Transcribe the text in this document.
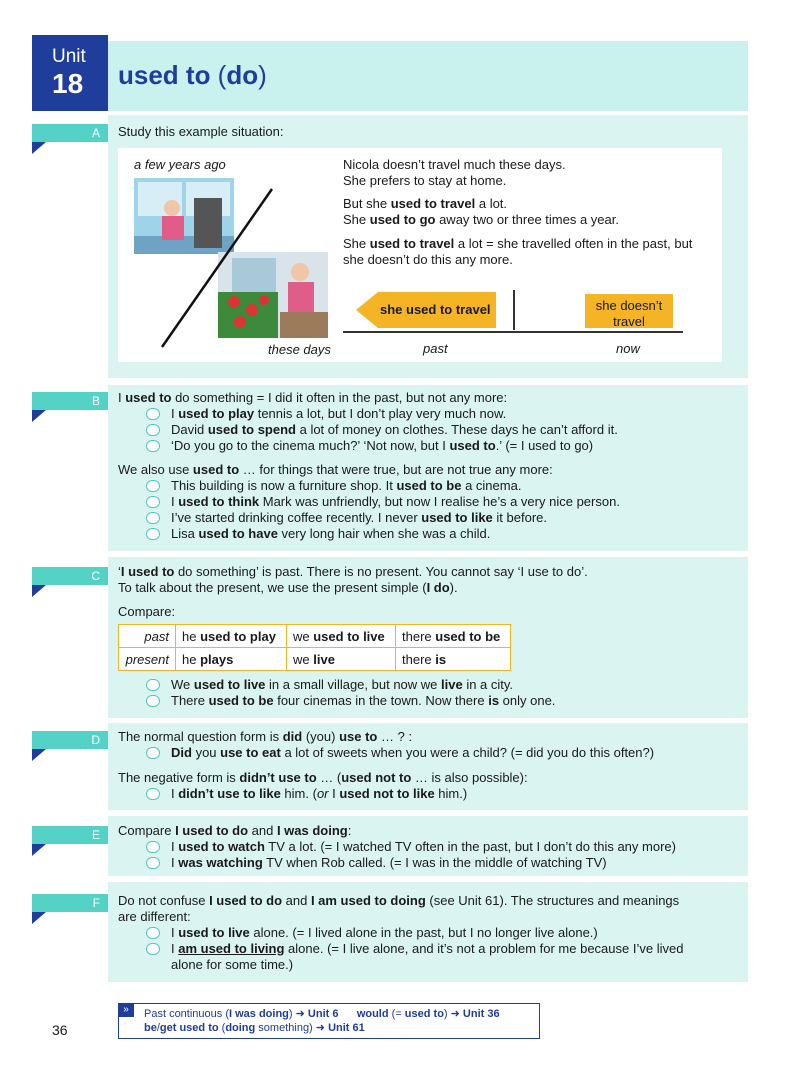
Unit
18 used to (do)
A	Study this example situation:
a few years ago
these days
Nicola doesn’t travel much these days.
She prefers to stay at home.
But she used to travel a lot.
She used to go away two or three times a year.
She used to travel a lot = she travelled often in the past, but
she doesn’t do this any more.
she used to travel	she doesn’t
travel
past	now
B	I used to do something = I did it often in the past, but not any more:
I used to play tennis a lot, but I don’t play very much now.
David used to spend a lot of money on clothes. These days he can’t afford it.
‘Do you go to the cinema much?’ ‘Not now, but I used to.’ (= I used to go)
We also use used to … for things that were true, but are not true any more:
This building is now a furniture shop. It used to be a cinema.
I used to think Mark was unfriendly, but now I realise he’s a very nice person.
I’ve started drinking coffee recently. I never used to like it before.
Lisa used to have very long hair when she was a child.
C	‘I used to do something’ is past. There is no present. You cannot say ‘I use to do’.
To talk about the present, we use the present simple (I do).
Compare:
past	he used to play	we used to live	there used to be
present	he plays	we live	there is
We used to live in a small village, but now we live in a city.
There used to be four cinemas in the town. Now there is only one.
D	The normal question form is did (you) use to … ? :
Did you use to eat a lot of sweets when you were a child? (= did you do this often?)
The negative form is didn’t use to … (used not to … is also possible):
I didn’t use to like him. (or I used not to like him.)
E	Compare I used to do and I was doing:
I used to watch TV a lot. (= I watched TV often in the past, but I don’t do this any more)
I was watching TV when Rob called. (= I was in the middle of watching TV)
F	Do not confuse I used to do and I am used to doing (see Unit 61). The structures and meanings
are different:
I used to live alone. (= I lived alone in the past, but I no longer live alone.)
I am used to living alone. (= I live alone, and it’s not a problem for me because I’ve lived
alone for some time.)
»	Past continuous (I was doing) ➜ Unit 6 would (= used to) ➜ Unit 36
be/get used to (doing something) ➜ Unit 61
36
